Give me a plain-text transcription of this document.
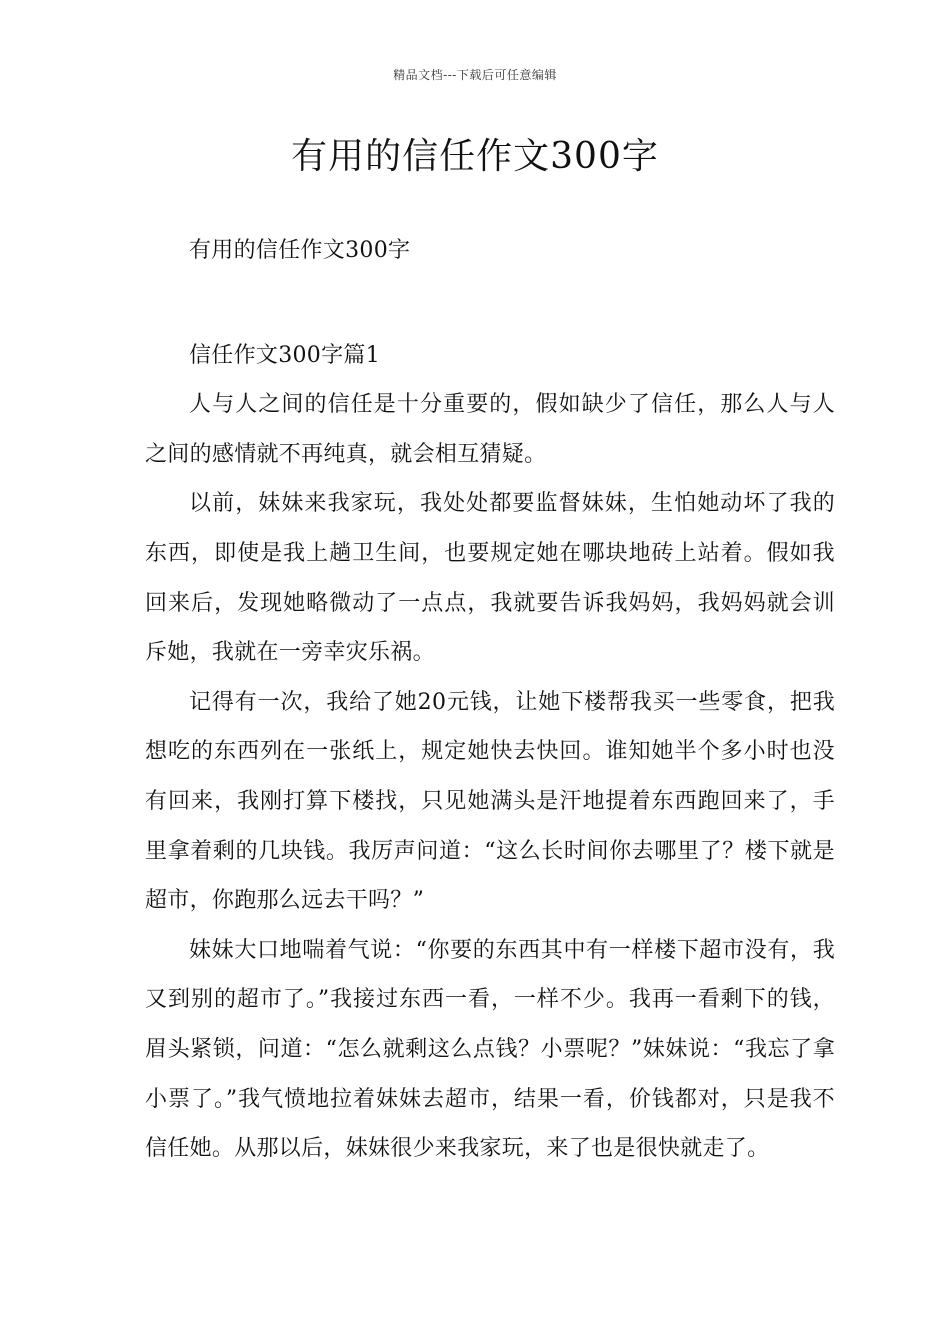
精品文档---下载后可任意编辑
有用的信任作文300字

有用的信任作文300字

信任作文300字篇1

人与人之间的信任是十分重要的，假如缺少了信任，那么人与人之间的感情就不再纯真，就会相互猜疑。

以前，妹妹来我家玩，我处处都要监督妹妹，生怕她动坏了我的东西，即使是我上趟卫生间，也要规定她在哪块地砖上站着。假如我回来后，发现她略微动了一点点，我就要告诉我妈妈，我妈妈就会训斥她，我就在一旁幸灾乐祸。

记得有一次，我给了她20元钱，让她下楼帮我买一些零食，把我想吃的东西列在一张纸上，规定她快去快回。谁知她半个多小时也没有回来，我刚打算下楼找，只见她满头是汗地提着东西跑回来了，手里拿着剩的几块钱。我厉声问道：“这么长时间你去哪里了？楼下就是超市，你跑那么远去干吗？”

妹妹大口地喘着气说：“你要的东西其中有一样楼下超市没有，我又到别的超市了。”我接过东西一看，一样不少。我再一看剩下的钱，眉头紧锁，问道：“怎么就剩这么点钱？小票呢？”妹妹说：“我忘了拿小票了。”我气愤地拉着妹妹去超市，结果一看，价钱都对，只是我不信任她。从那以后，妹妹很少来我家玩，来了也是很快就走了。
